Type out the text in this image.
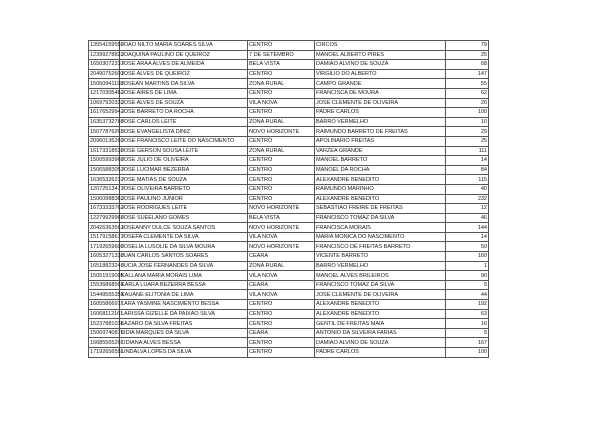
13554159556	JOAO NILTO MARIA SOARES SILVA	CENTRO	CIRCOS	79
12399278822	JOAQUINA PAULINO DE QUEIROZ	7 DE SETEMBRO	MANOEL ALBERTO PIRES	25
16503072337	JOSE ARAA ALVES DE ALMEIDA	BELA VISTA	DAMIAO ALVINO DE SOUZA	68
20490752601	JOSE ALVES DE QUEIROZ	CENTRO	VIRGILIO DO ALBERTO	147
15050941198	JOSEAN MARTINS DA SILVA	ZONA RURAL	CAMPO GRANDE	55
12170305482	JOSE AIRES DE LIMA	CENTRO	FRANCISCA DE MOURA	62
10697920332	JOSE ALVES DE SOUZA	VILA NOVA	JOSE CLEMENTE DE OLIVEIRA	20
16176529942	JOSE BARRETO DA ROCHA	CENTRO	PADRE CARLOS	100
16353732788	JOSE CARLOS LEITE	ZONA RURAL	BARRO VERMELHO	10
15077876265	JOSE EVANGELISTA DINIZ	NOVO HORIZONTE	RAIMUNDO BARRETO DE FREITAS	29
20960136289	JOSE FRANCISCO LEITE DO NASCIMENTO	CENTRO	APOLINARIO FREITAS	25
16173318536	JOSE GERSON SOUSA LEITE	ZONA RURAL	VARZEA GRANDE	111
15005993966	JOSE JULIO DE OLIVEIRA	CENTRO	MANOEL BARRETO	14
15065883057	JOSE LUCIMAR BEZERRA	CENTRO	MANOEL DA ROCHA	84
16365326237	JOSE MATIAS DE SOUZA	CENTRO	ALEXANDRE BENEDITO	115
12072513477	JOSE OLIVEIRA BARRETO	CENTRO	RAIMUNDO MARINHO	40
15060988382	JOSE PAULINO JUNIOR	CENTRO	ALEXANDRE BENEDITO	232
16733333762	JOSE RODRIGUES LEITE	NOVO HORIZONTE	SEBASTIAO FREIRE DE FREITAS	12
12279929966	JOSE SUEELANO GOMES	BELA VISTA	FRANCISCO TOMAZ DA SILVA	46
20426363561	JOSEANNY DULCE SOUZA SANTOS	NOVO HORIZONTE	FRANCISCA MORAIS	144
15179158677	JOSEFA CLEMENTE DA SILVA	VILA NOVA	MARIA MONICA DO NASCIMENTO	14
17192659606	JOSELIA LUSOLIE DA SILVA MOURA	NOVO HORIZONTE	FRANCISCO DE FREITAS BARRETO	50
16053271338	JUAN CARLOS SANTOS SOARES	CEARA	VICENTE BARRETO	160
16518823246	JUCIA JOSE FERNANDES DA SILVA	ZONA RURAL	BARRO VERMELHO	1
15051919095	KALLANA MARIA MORAIS LIMA	VILA NOVA	MANOEL ALVES BRILEIROS	90
15536868561	KARLA LUARA BEZERRA BESSA	CEARA	FRANCISCO TOMAZ DA SILVA	5
15449555351	KAUANE ELITONIA DE LIMA	VILA NOVA	JOSE CLEMENTE DE OLIVEIRA	44
16055866917	LARA YASMINE NASCIMENTO BESSA	CENTRO	ALEXANDRE BENEDITO	192
16068112161	LARISSA GIZELLE DA PAIXAO SILVA	CENTRO	ALEXANDRE BENEDITO	63
15237881038	LAZARO DA SILVA FREITAS	CENTRO	GENTIL DE FREITAS MAIA	16
15069740879	LIDIA MARQUES DA SILVA	CEARA	ANTONIO DA SILVEIRA FARIAS	5
16685565267	LIDIANA ALVES BESSA	CENTRO	DAMIAO ALVINO DE SOUZA	167
17192656551	LINDALVA LOPES DA SILVA	CENTRO	PADRE CARLOS	100
